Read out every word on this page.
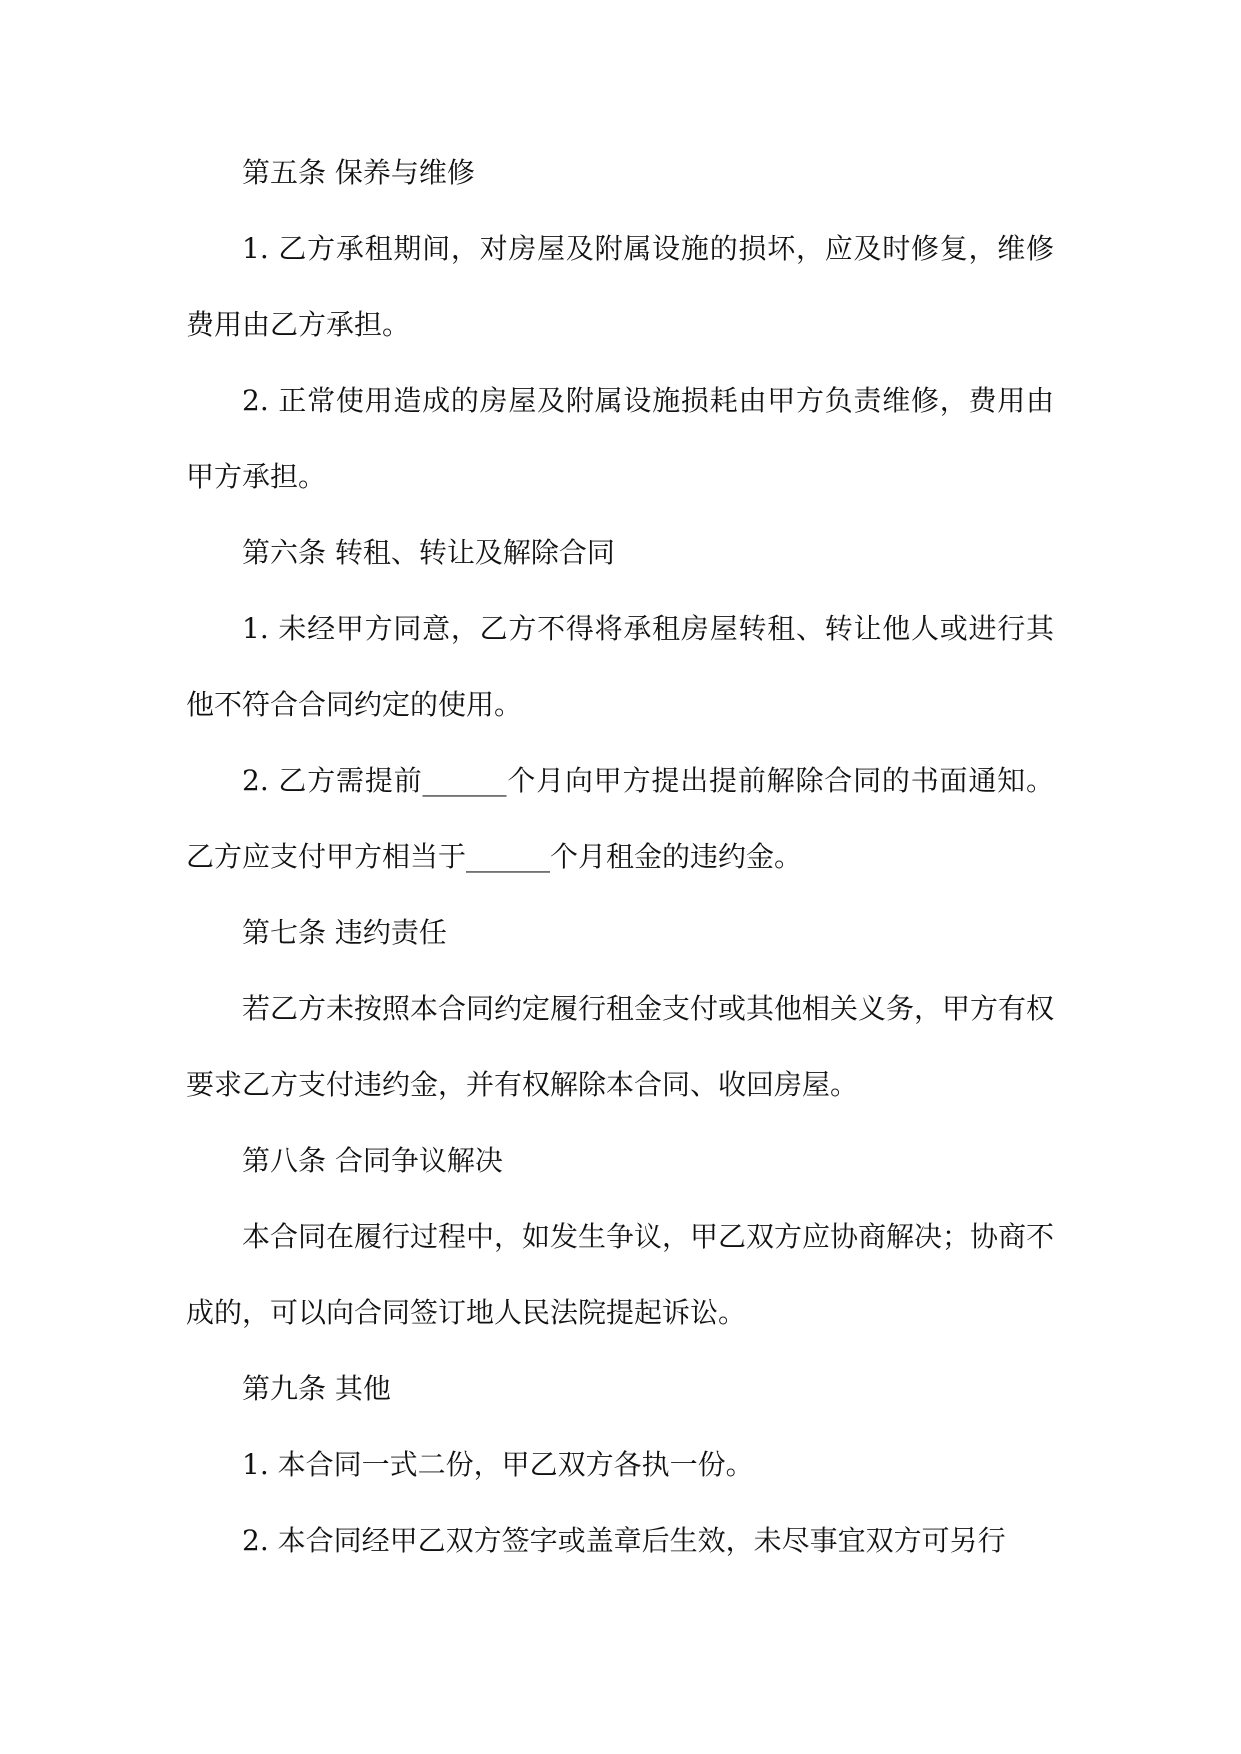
第五条 保养与维修

1. 乙方承租期间，对房屋及附属设施的损坏，应及时修复，维修费用由乙方承担。

2. 正常使用造成的房屋及附属设施损耗由甲方负责维修，费用由甲方承担。

第六条 转租、转让及解除合同

1. 未经甲方同意，乙方不得将承租房屋转租、转让他人或进行其他不符合合同约定的使用。

2. 乙方需提前______个月向甲方提出提前解除合同的书面通知。乙方应支付甲方相当于______个月租金的违约金。

第七条 违约责任

若乙方未按照本合同约定履行租金支付或其他相关义务，甲方有权要求乙方支付违约金，并有权解除本合同、收回房屋。

第八条 合同争议解决

本合同在履行过程中，如发生争议，甲乙双方应协商解决；协商不成的，可以向合同签订地人民法院提起诉讼。

第九条 其他

1. 本合同一式二份，甲乙双方各执一份。

2. 本合同经甲乙双方签字或盖章后生效，未尽事宜双方可另行
